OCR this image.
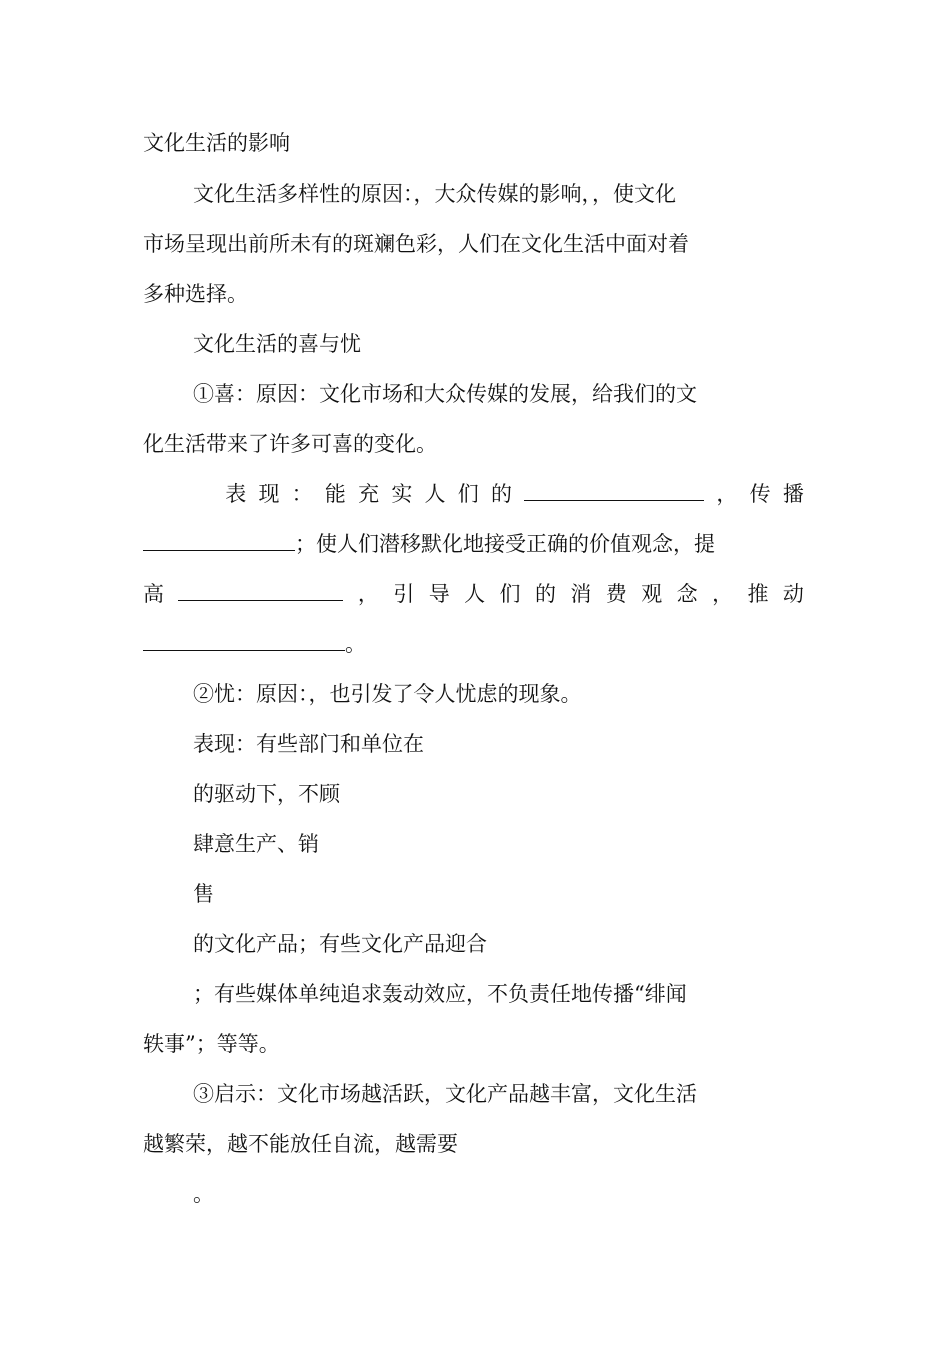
文化生活的影响

文化生活多样性的原因：，大众传媒的影响，，使文化

市场呈现出前所未有的斑斓色彩，人们在文化生活中面对着

多种选择。

文化生活的喜与忧

①喜：原因：文化市场和大众传媒的发展，给我们的文

化生活带来了许多可喜的变化。

表 现 ： 能 充 实 人 们 的	， 传 播
；使人们潜移默化地接受正确的价值观念，提
高	， 引 导 人 们 的 消 费 观 念 ， 推 动
。

②忧：原因：，也引发了令人忧虑的现象。

表现：有些部门和单位在

的驱动下，不顾

肆意生产、销

售

的文化产品；有些文化产品迎合

；有些媒体单纯追求轰动效应，不负责任地传播“绯闻

轶事”；等等。

③启示：文化市场越活跃，文化产品越丰富，文化生活

越繁荣，越不能放任自流，越需要

。
